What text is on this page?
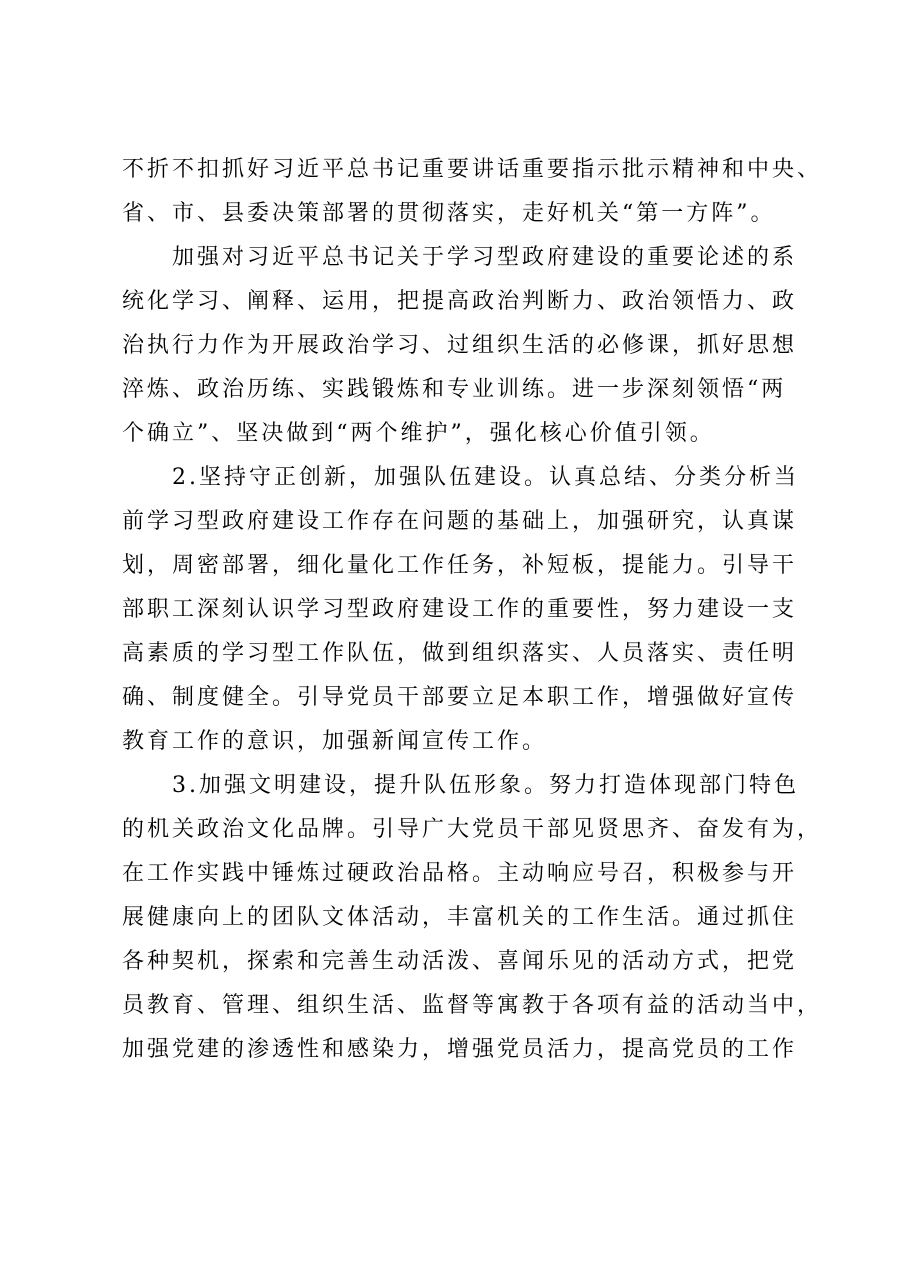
不折不扣抓好习近平总书记重要讲话重要指示批示精神和中央、
省、市、县委决策部署的贯彻落实，走好机关“第一方阵”。
　　加强对习近平总书记关于学习型政府建设的重要论述的系
统化学习、阐释、运用，把提高政治判断力、政治领悟力、政
治执行力作为开展政治学习、过组织生活的必修课，抓好思想
淬炼、政治历练、实践锻炼和专业训练。进一步深刻领悟“两
个确立”、坚决做到“两个维护”，强化核心价值引领。
　　2.坚持守正创新，加强队伍建设。认真总结、分类分析当
前学习型政府建设工作存在问题的基础上，加强研究，认真谋
划，周密部署，细化量化工作任务，补短板，提能力。引导干
部职工深刻认识学习型政府建设工作的重要性，努力建设一支
高素质的学习型工作队伍，做到组织落实、人员落实、责任明
确、制度健全。引导党员干部要立足本职工作，增强做好宣传
教育工作的意识，加强新闻宣传工作。
　　3.加强文明建设，提升队伍形象。努力打造体现部门特色
的机关政治文化品牌。引导广大党员干部见贤思齐、奋发有为，
在工作实践中锤炼过硬政治品格。主动响应号召，积极参与开
展健康向上的团队文体活动，丰富机关的工作生活。通过抓住
各种契机，探索和完善生动活泼、喜闻乐见的活动方式，把党
员教育、管理、组织生活、监督等寓教于各项有益的活动当中，
加强党建的渗透性和感染力，增强党员活力，提高党员的工作
